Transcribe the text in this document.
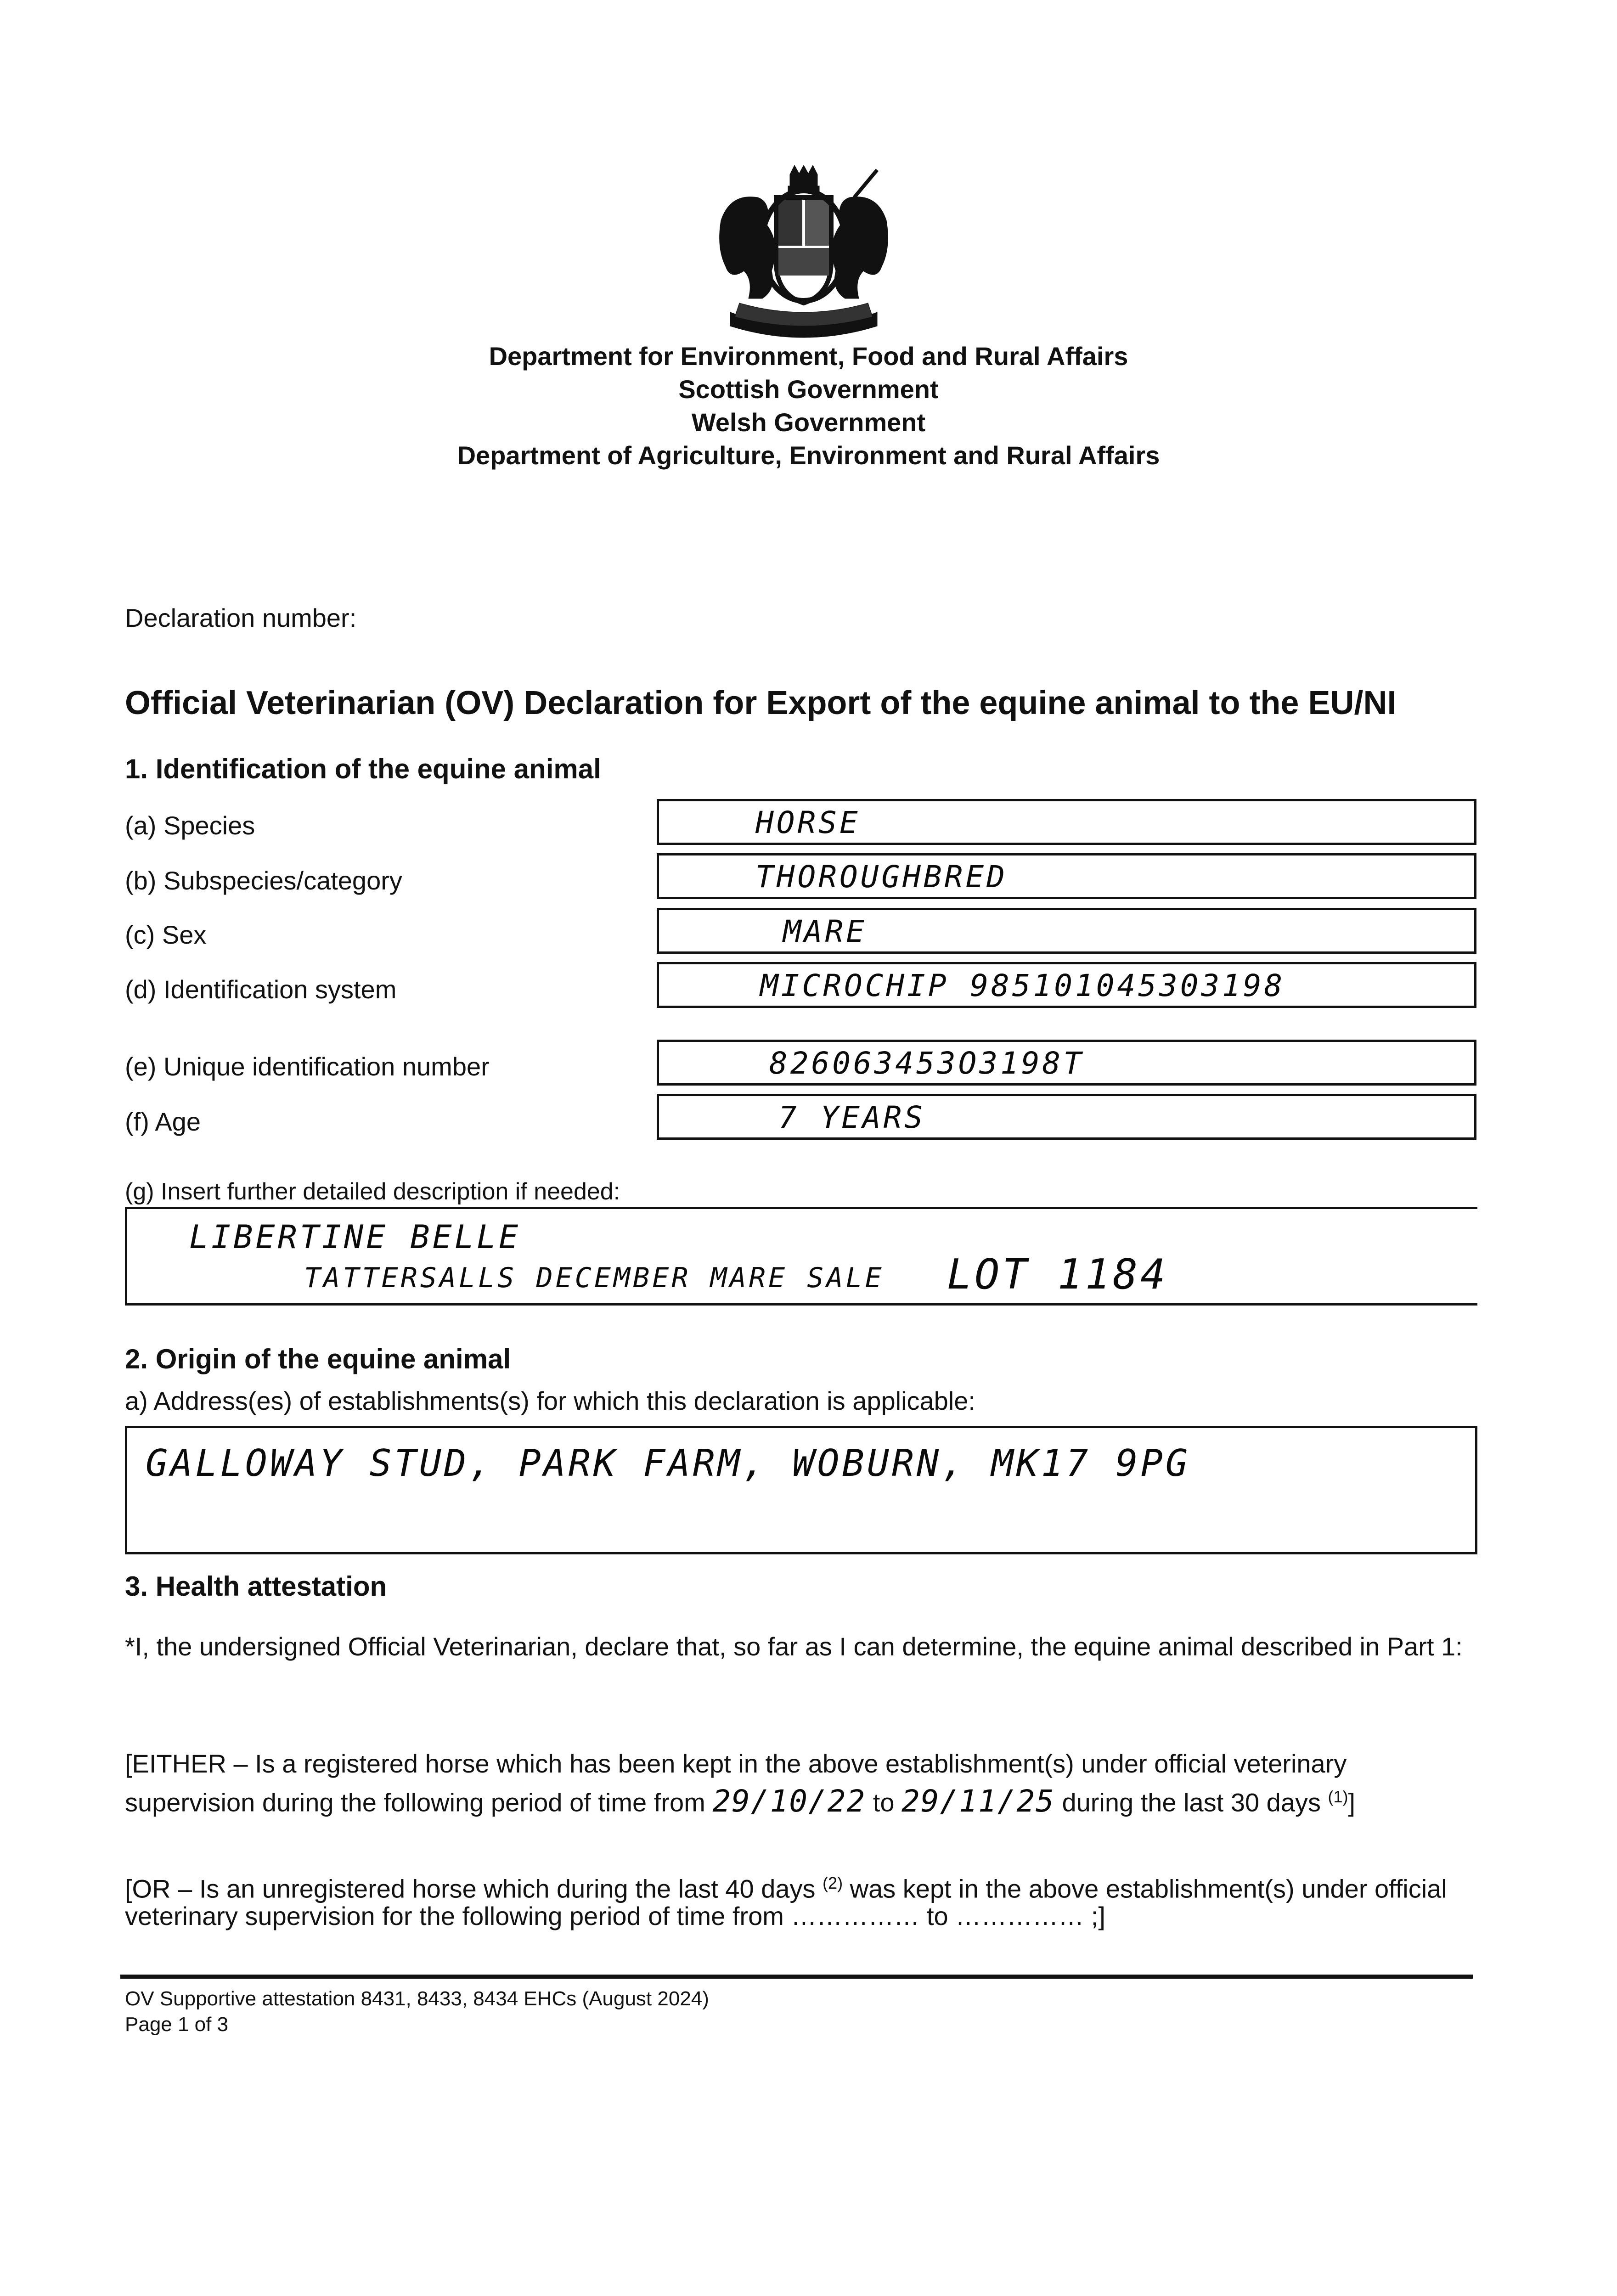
Department for Environment, Food and Rural Affairs
Scottish Government
Welsh Government
Department of Agriculture, Environment and Rural Affairs
Declaration number:
Official Veterinarian (OV) Declaration for Export of the equine animal to the EU/NI
1. Identification of the equine animal
(a) Species
(b) Subspecies/category
(c) Sex
(d) Identification system
(e) Unique identification number
(f) Age
HORSE
THOROUGHBRED
MARE
MICROCHIP 985101045303198
826063453O3198T
7 YEARS
(g) Insert further detailed description if needed:
LIBERTINE BELLE
TATTERSALLS DECEMBER MARE SALE LOT 1184
2. Origin of the equine animal
a) Address(es) of establishments(s) for which this declaration is applicable:
GALLOWAY STUD, PARK FARM, WOBURN, MK17 9PG
3. Health attestation
*I, the undersigned Official Veterinarian, declare that, so far as I can determine, the equine animal described in Part 1:
[EITHER – Is a registered horse which has been kept in the above establishment(s) under official veterinary
supervision during the following period of time from 29/10/22 to 29/11/25 during the last 30 days $^{(1)}$]
[OR – Is an unregistered horse which during the last 40 days $^{(2)}$ was kept in the above establishment(s) under official
veterinary supervision for the following period of time from …………… to …………… ;]
OV Supportive attestation 8431, 8433, 8434 EHCs (August 2024)
Page 1 of 3
